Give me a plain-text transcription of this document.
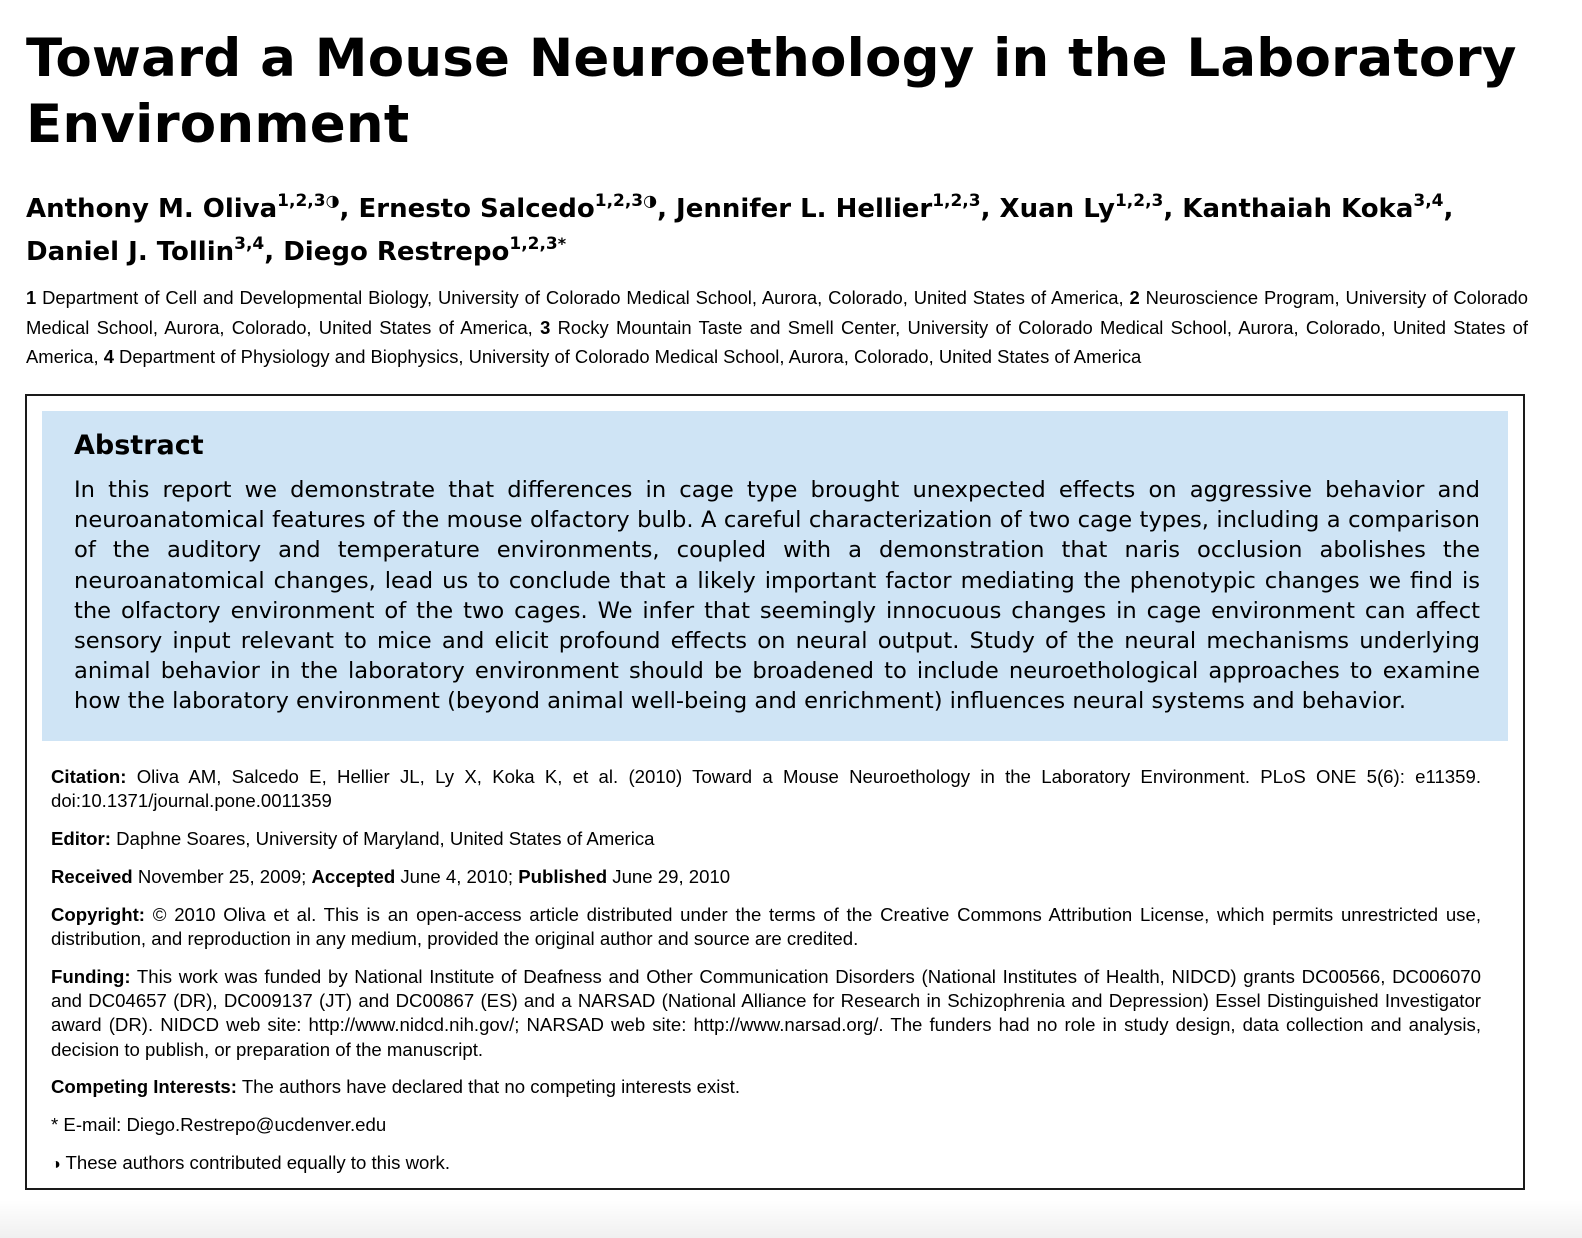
Toward a Mouse Neuroethology in the Laboratory Environment

Anthony M. Oliva$^{1,2,3◑}$, Ernesto Salcedo$^{1,2,3◑}$, Jennifer L. Hellier$^{1,2,3}$, Xuan Ly$^{1,2,3}$, Kanthaiah Koka$^{3,4}$,
Daniel J. Tollin$^{3,4}$, Diego Restrepo$^{1,2,3*}$

1 Department of Cell and Developmental Biology, University of Colorado Medical School, Aurora, Colorado, United States of America, 2 Neuroscience Program, University of Colorado Medical School, Aurora, Colorado, United States of America, 3 Rocky Mountain Taste and Smell Center, University of Colorado Medical School, Aurora, Colorado, United States of America, 4 Department of Physiology and Biophysics, University of Colorado Medical School, Aurora, Colorado, United States of America

Abstract

In this report we demonstrate that differences in cage type brought unexpected effects on aggressive behavior and neuroanatomical features of the mouse olfactory bulb. A careful characterization of two cage types, including a comparison of the auditory and temperature environments, coupled with a demonstration that naris occlusion abolishes the neuroanatomical changes, lead us to conclude that a likely important factor mediating the phenotypic changes we find is the olfactory environment of the two cages. We infer that seemingly innocuous changes in cage environment can affect sensory input relevant to mice and elicit profound effects on neural output. Study of the neural mechanisms underlying animal behavior in the laboratory environment should be broadened to include neuroethological approaches to examine how the laboratory environment (beyond animal well-being and enrichment) influences neural systems and behavior.

Citation: Oliva AM, Salcedo E, Hellier JL, Ly X, Koka K, et al. (2010) Toward a Mouse Neuroethology in the Laboratory Environment. PLoS ONE 5(6): e11359. doi:10.1371/journal.pone.0011359

Editor: Daphne Soares, University of Maryland, United States of America

Received November 25, 2009; Accepted June 4, 2010; Published June 29, 2010

Copyright: © 2010 Oliva et al. This is an open-access article distributed under the terms of the Creative Commons Attribution License, which permits unrestricted use, distribution, and reproduction in any medium, provided the original author and source are credited.

Funding: This work was funded by National Institute of Deafness and Other Communication Disorders (National Institutes of Health, NIDCD) grants DC00566, DC006070 and DC04657 (DR), DC009137 (JT) and DC00867 (ES) and a NARSAD (National Alliance for Research in Schizophrenia and Depression) Essel Distinguished Investigator award (DR). NIDCD web site: http://www.nidcd.nih.gov/; NARSAD web site: http://www.narsad.org/. The funders had no role in study design, data collection and analysis, decision to publish, or preparation of the manuscript.

Competing Interests: The authors have declared that no competing interests exist.

* E-mail: Diego.Restrepo@ucdenver.edu

◑ These authors contributed equally to this work.
